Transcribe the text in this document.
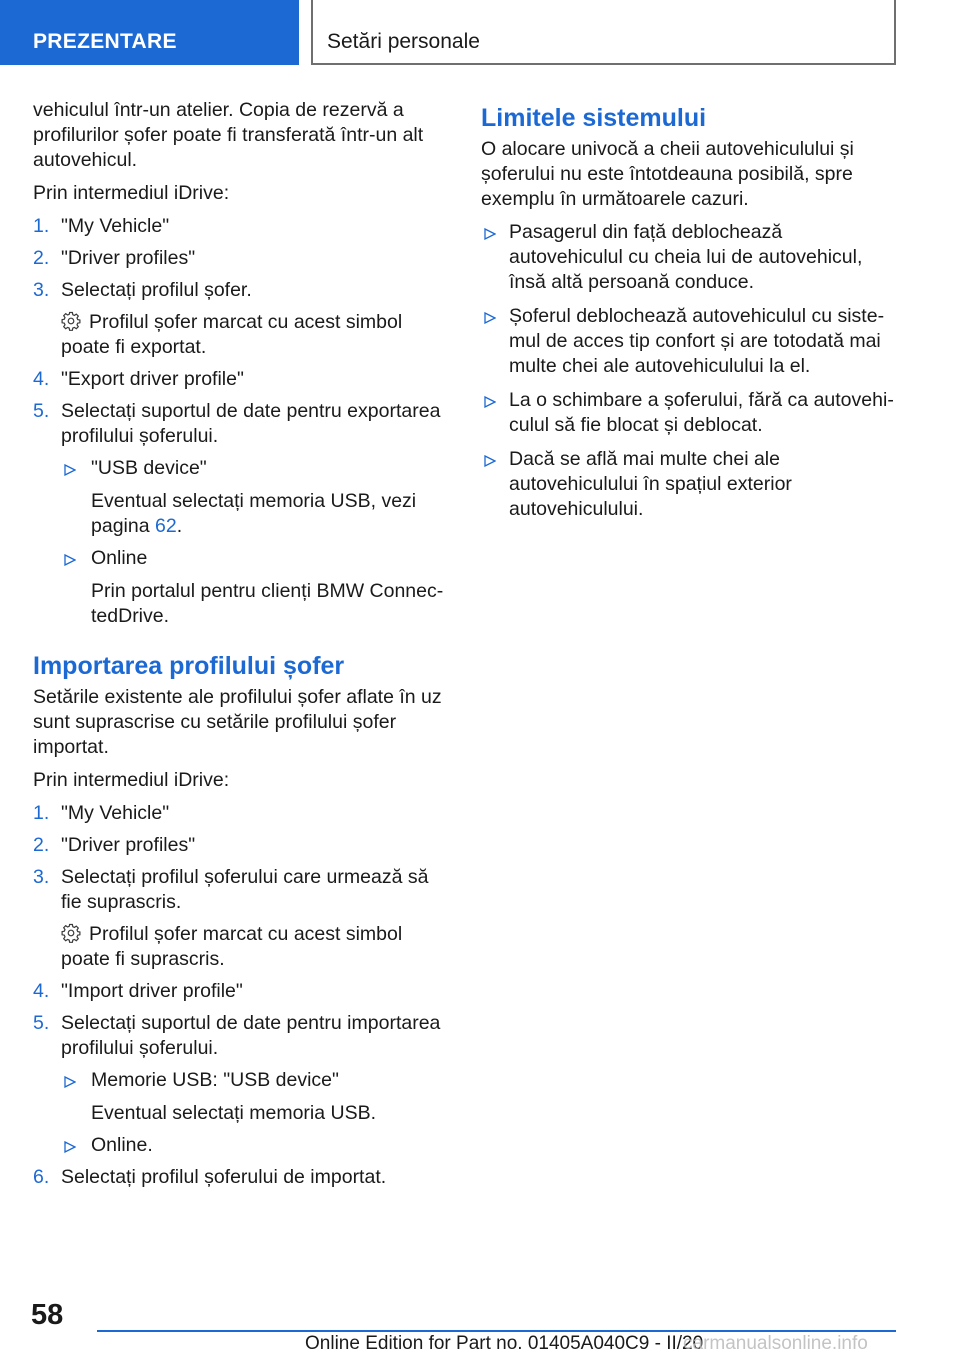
PREZENTARE	Setări personale
vehiculul într-un atelier. Copia de rezervă a profilurilor șofer poate fi transferată într-un alt autovehicul.
Prin intermediul iDrive:
1. "My Vehicle"
2. "Driver profiles"
3. Selectați profilul șofer.
Profilul șofer marcat cu acest simbol poate fi exportat.
4. "Export driver profile"
5. Selectați suportul de date pentru exportarea profilului șoferului.
"USB device"
Eventual selectați memoria USB, vezi pagina 62.
Online
Prin portalul pentru clienți BMW ConnectedDrive.
Importarea profilului șofer
Setările existente ale profilului șofer aflate în uz sunt suprascrise cu setările profilului șofer importat.
Prin intermediul iDrive:
1. "My Vehicle"
2. "Driver profiles"
3. Selectați profilul șoferului care urmează să fie suprascris.
Profilul șofer marcat cu acest simbol poate fi suprascris.
4. "Import driver profile"
5. Selectați suportul de date pentru importarea profilului șoferului.
Memorie USB: "USB device"
Eventual selectați memoria USB.
Online.
6. Selectați profilul șoferului de importat.
Limitele sistemului
O alocare univocă a cheii autovehiculului și șoferului nu este întotdeauna posibilă, spre exemplu în următoarele cazuri.
Pasagerul din față deblochează autovehiculul cu cheia lui de autovehicul, însă altă persoană conduce.
Șoferul deblochează autovehiculul cu sistemul de acces tip confort și are totodată mai multe chei ale autovehiculului la el.
La o schimbare a șoferului, fără ca autovehiculul să fie blocat și deblocat.
Dacă se află mai multe chei ale autovehiculului în spațiul exterior autovehiculului.
58
Online Edition for Part no. 01405A040C9 - II/20
carmanualsonline.info
